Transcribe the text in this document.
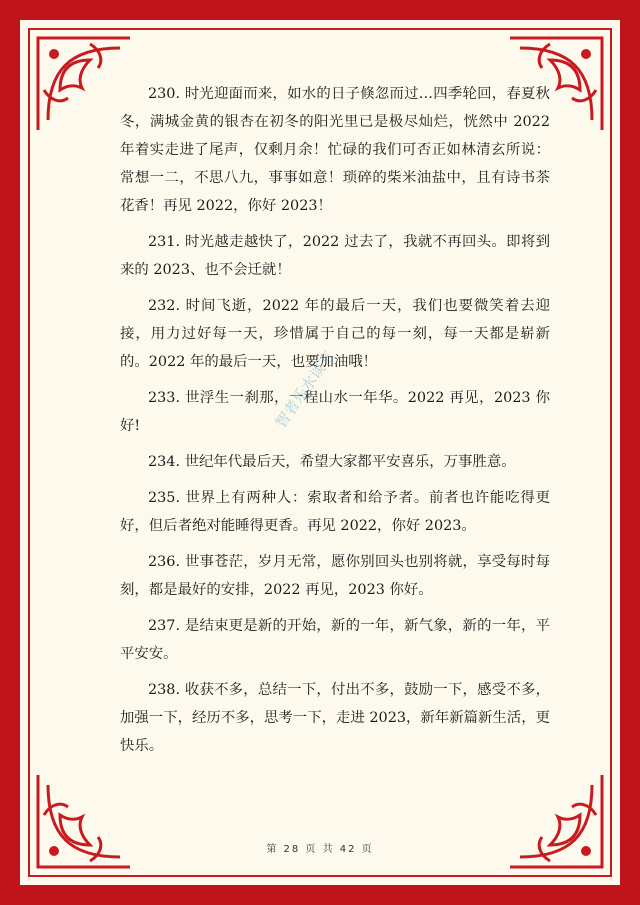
230. 时光迎面而来，如水的日子倏忽而过…四季轮回，春夏秋冬，满城金黄的银杏在初冬的阳光里已是极尽灿烂，恍然中 2022 年着实走进了尾声，仅剩月余！忙碌的我们可否正如林清玄所说：常想一二，不思八九，事事如意！琐碎的柴米油盐中，且有诗书茶花香！再见 2022，你好 2023！

231. 时光越走越快了，2022 过去了，我就不再回头。即将到来的 2023、也不会迁就！

232. 时间飞逝，2022 年的最后一天，我们也要微笑着去迎接，用力过好每一天，珍惜属于自己的每一刻，每一天都是崭新的。2022 年的最后一天，也要加油哦！

233. 世浮生一刹那，一程山水一年华。2022 再见，2023 你好!

234. 世纪年代最后天，希望大家都平安喜乐，万事胜意。

235. 世界上有两种人：索取者和给予者。前者也许能吃得更好，但后者绝对能睡得更香。再见 2022，你好 2023。

236. 世事苍茫，岁月无常，愿你别回头也别将就，享受每时每刻，都是最好的安排，2022 再见，2023 你好。

237. 是结束更是新的开始，新的一年，新气象，新的一年，平平安安。

238. 收获不多，总结一下，付出不多，鼓励一下，感受不多，加强一下，经历不多，思考一下，走进 2023，新年新篇新生活，更快乐。

智者乐水谈言
第 28 页 共 42 页
